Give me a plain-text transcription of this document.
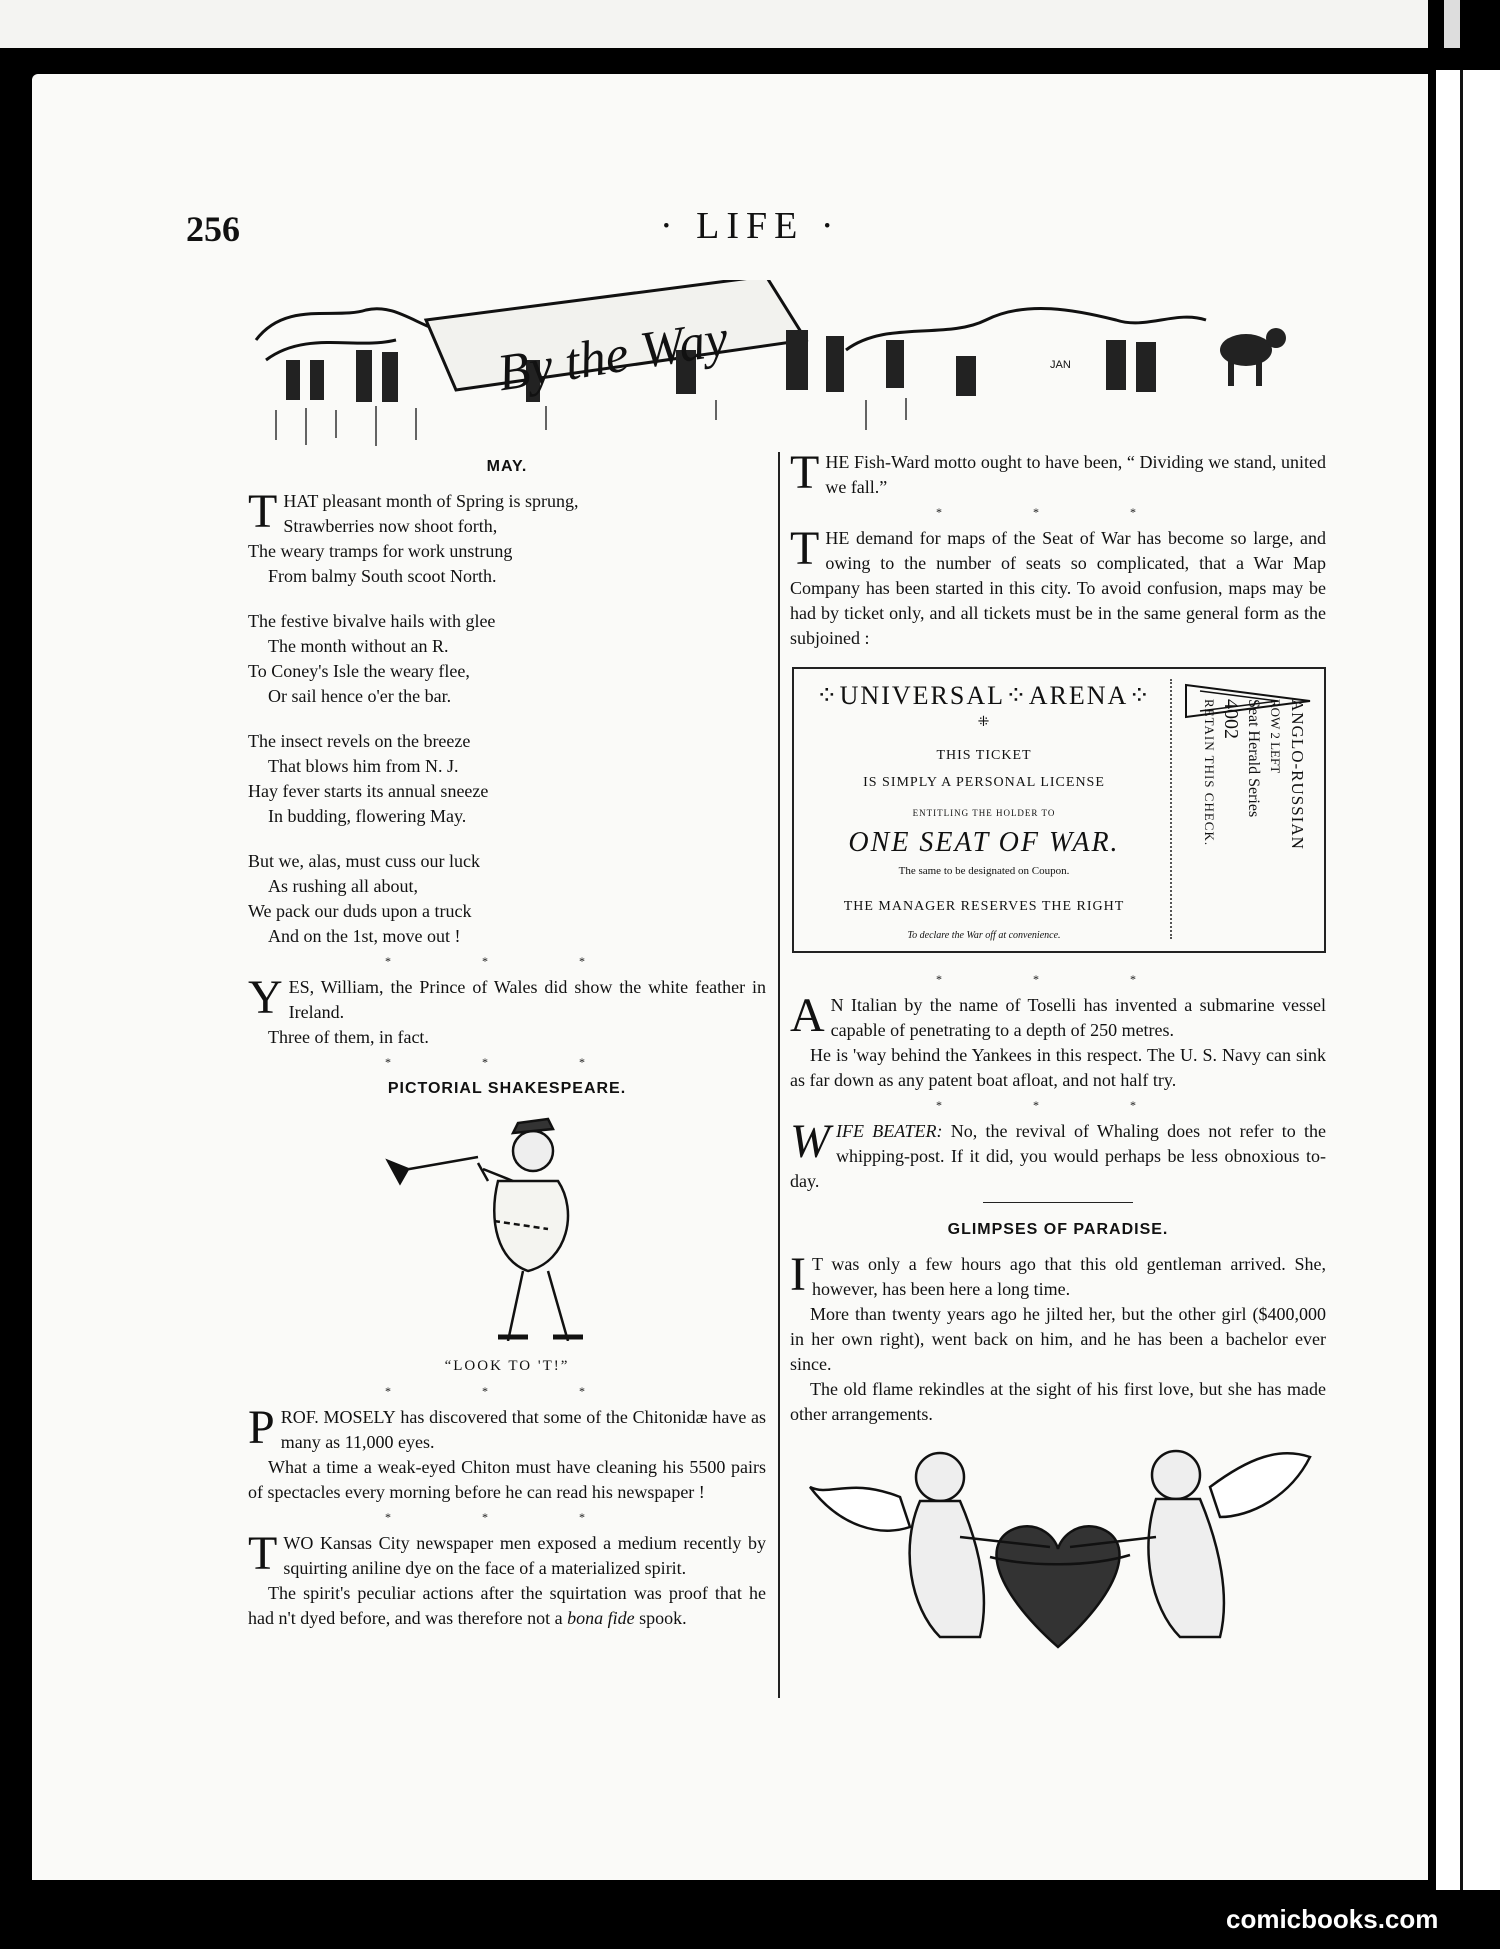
256	· LIFE ·
By the Way	JAN
MAY.

THAT pleasant month of Spring is sprung,

Strawberries now shoot forth,

The weary tramps for work unstrung

From balmy South scoot North.

The festive bivalve hails with glee

The month without an R.

To Coney's Isle the weary flee,

Or sail hence o'er the bar.

The insect revels on the breeze

That blows him from N. J.

Hay fever starts its annual sneeze

In budding, flowering May.

But we, alas, must cuss our luck

As rushing all about,

We pack our duds upon a truck

And on the 1st, move out !

* * *

YES, William, the Prince of Wales did show the white feather in Ireland.

Three of them, in fact.

* * *
PICTORIAL SHAKESPEARE.
“LOOK TO 'T!”
* * *

PROF. MOSELY has discovered that some of the Chitonidæ have as many as 11,000 eyes.

What a time a weak-eyed Chiton must have cleaning his 5500 pairs of spectacles every morning before he can read his newspaper !

* * *

TWO Kansas City newspaper men exposed a medium recently by squirting aniline dye on the face of a materialized spirit.

The spirit's peculiar actions after the squirtation was proof that he had n't dyed before, and was therefore not a bona fide spook.

THE Fish-Ward motto ought to have been, “ Dividing we stand, united we fall.”

* * *

THE demand for maps of the Seat of War has become so large, and owing to the number of seats so complicated, that a War Map Company has been started in this city. To avoid confusion, maps may be had by ticket only, and all tickets must be in the same general form as the subjoined :

⁘UNIVERSAL⁘ARENA⁘
⁜
THIS TICKET
IS SIMPLY A PERSONAL LICENSE
ENTITLING THE HOLDER TO
ONE SEAT OF WAR.
The same to be designated on Coupon.
THE MANAGER RESERVES THE RIGHT
To declare the War off at convenience.
ANGLO-RUSSIAN
ROW 2 LEFT
Seat Herald Series
4002
RETAIN THIS CHECK.
* * *

A N Italian by the name of Toselli has invented a submarine vessel capable of penetrating to a depth of 250 metres.

He is 'way behind the Yankees in this respect. The U. S. Navy can sink as far down as any patent boat afloat, and not half try.

* * *

WIFE BEATER: No, the revival of Whaling does not refer to the whipping-post. If it did, you would perhaps be less obnoxious to-day.

GLIMPSES OF PARADISE.

I T was only a few hours ago that this old gentleman arrived. She, however, has been here a long time.

More than twenty years ago he jilted her, but the other girl ($400,000 in her own right), went back on him, and he has been a bachelor ever since.

The old flame rekindles at the sight of his first love, but she has made other arrangements.

comicbooks.com
